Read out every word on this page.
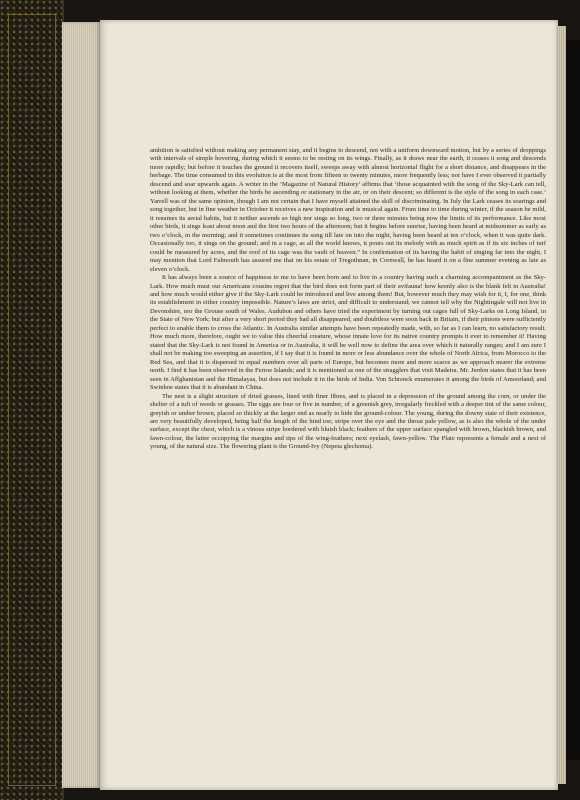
ambition is satisfied without making any permanent stay, and it begins to descend, not with a uniform downward motion, but by a series of droppings with intervals of simple hovering, during which it seems to be resting on its wings. Finally, as it draws near the earth, it ceases it song and descends more rapidly; but before it touches the ground it recovers itself, sweeps away with almost horizontal flight for a short distance, and disappears in the herbage. The time consumed in this evolution is at the most from fifteen to twenty minutes, more frequently less; nor have I ever observed it partially descend and soar upwards again. A writer in the ‘Magazine of Natural History’ affirms that ‘those acquainted with the song of the Sky-Lark can tell, without looking at them, whether the birds be ascending or stationary in the air, or on their descent; so different is the style of the song in each case.’ Yarrell was of the same opinion, though I am not certain that I have myself attained the skill of discriminating. In July the Lark ceases its soarings and song together, but in fine weather in October it receives a new inspiration and is musical again. From time to time during winter, if the season be mild, it resumes its aerial habits, but it neither ascends so high nor sings so long, two or three minutes being now the limits of its performance. Like most other birds, it sings least about noon and the first two hours of the afternoon; but it begins before sunrise, having been heard at midsummer as early as two o’clock, in the morning; and it sometimes continues its song till late on into the night, having been heard at ten o’clock, when it was quite dark. Occasionally too, it sings on the ground; and in a cage, as all the world knows, it pours out its melody with as much spirit as if its six inches of turf could be measured by acres, and the roof of its cage was the vault of heaven.” In confirmation of its having the habit of singing far into the night, I may mention that Lord Falmouth has assured me that on his estate of Tregothnan, in Cornwall, he has heard it on a fine summer evening as late as eleven o’clock.

It has always been a source of happiness to me to have been born and to live in a country having such a charming accompaniment as the Sky-Lark. How much must our Americans cousins regret that the bird does not form part of their avifauna! how keenly also is the blank felt in Australia! and how much would either give if the Sky-Lark could be introduced and live among them! But, however much they may wish for it, I, for one, think its establishment in either country impossible. Nature’s laws are strict, and difficult to understand; we cannot tell why the Nightingale will not live in Devonshire, nor the Grouse south of Wales. Audubon and others have tried the experiment by turning out cages full of Sky-Larks on Long Island, in the State of New York; but after a very short period they had all disappeared, and doubtless were soon back in Britain, if their pinions were sufficiently perfect to enable them to cross the Atlantic. In Australia similar attempts have been repeatedly made, with, so far as I can learn, no satisfactory result. How much more, therefore, ought we to value this cheerful creature, whose innate love for its native country prompts it ever to remember it! Having stated that the Sky-Lark is not found in America or in Australia, it will be well now to define the area over which it naturally ranges; and I am sure I shall not be making too sweeping an assertion, if I say that it is found in more or less abundance over the whole of North Africa, from Morocco to the Red Sea, and that it is dispersed in equal numbers over all parts of Europe, but becomes more and more scarce as we approach nearer the extreme north. I find it has been observed in the Ferroe Islands; and it is mentioned as one of the stragglers that visit Madeira. Mr. Jerdon states that it has been seen in Affghanistan and the Himalayas, but does not include it in the birds of India. Von Schrenck enumerates it among the birds of Amoorland; and Swinhoe states that it is abundant in China.

The nest is a slight structure of dried grasses, lined with finer fibres, and is placed in a depression of the ground among the corn, or under the shelter of a tuft of weeds or grasses. The eggs are four or five in number, of a greenish grey, irregularly freckled with a deeper tint of the same colour, greyish or umber brown, placed so thickly at the larger end as nearly to hide the ground-colour. The young, during the downy state of their existence, are very beautifully developed, being half the length of the hind toe; stripe over the eye and the throat pale yellow, as is also the whole of the under surface, except the chest, which is a vinous stripe bordered with bluish black; feathers of the upper surface spangled with brown, blackish brown, and fawn-colour, the latter occupying the margins and tips of the wing-feathers; next eyelash, fawn-yellow. The Plate represents a female and a nest of young, of the natural size. The flowering plant is the Ground-Ivy (Nepeta glechoma).
